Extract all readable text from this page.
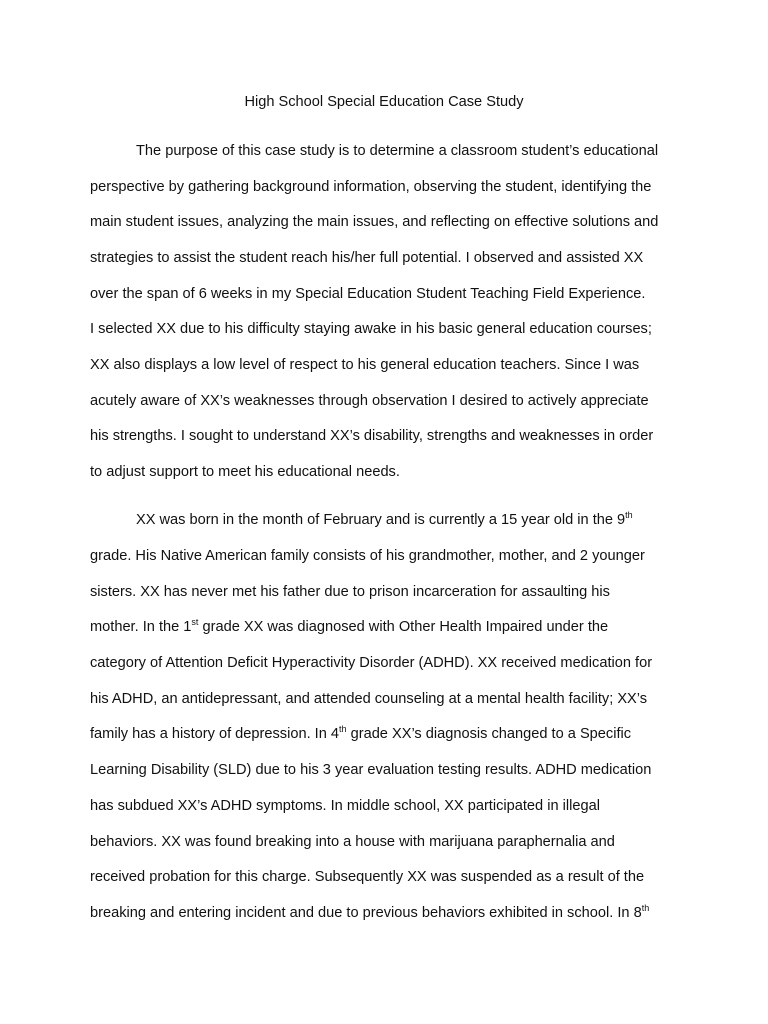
High School Special Education Case Study
The purpose of this case study is to determine a classroom student’s educational
perspective by gathering background information, observing the student, identifying the
main student issues, analyzing the main issues, and reflecting on effective solutions and
strategies to assist the student reach his/her full potential. I observed and assisted XX
over the span of 6 weeks in my Special Education Student Teaching Field Experience.
I selected XX due to his difficulty staying awake in his basic general education courses;
XX also displays a low level of respect to his general education teachers. Since I was
acutely aware of XX’s weaknesses through observation I desired to actively appreciate
his strengths. I sought to understand XX’s disability, strengths and weaknesses in order
to adjust support to meet his educational needs.
XX was born in the month of February and is currently a 15 year old in the 9th
grade. His Native American family consists of his grandmother, mother, and 2 younger
sisters. XX has never met his father due to prison incarceration for assaulting his
mother. In the 1st grade XX was diagnosed with Other Health Impaired under the
category of Attention Deficit Hyperactivity Disorder (ADHD). XX received medication for
his ADHD, an antidepressant, and attended counseling at a mental health facility; XX’s
family has a history of depression. In 4th grade XX’s diagnosis changed to a Specific
Learning Disability (SLD) due to his 3 year evaluation testing results. ADHD medication
has subdued XX’s ADHD symptoms. In middle school, XX participated in illegal
behaviors. XX was found breaking into a house with marijuana paraphernalia and
received probation for this charge. Subsequently XX was suspended as a result of the
breaking and entering incident and due to previous behaviors exhibited in school. In 8th
